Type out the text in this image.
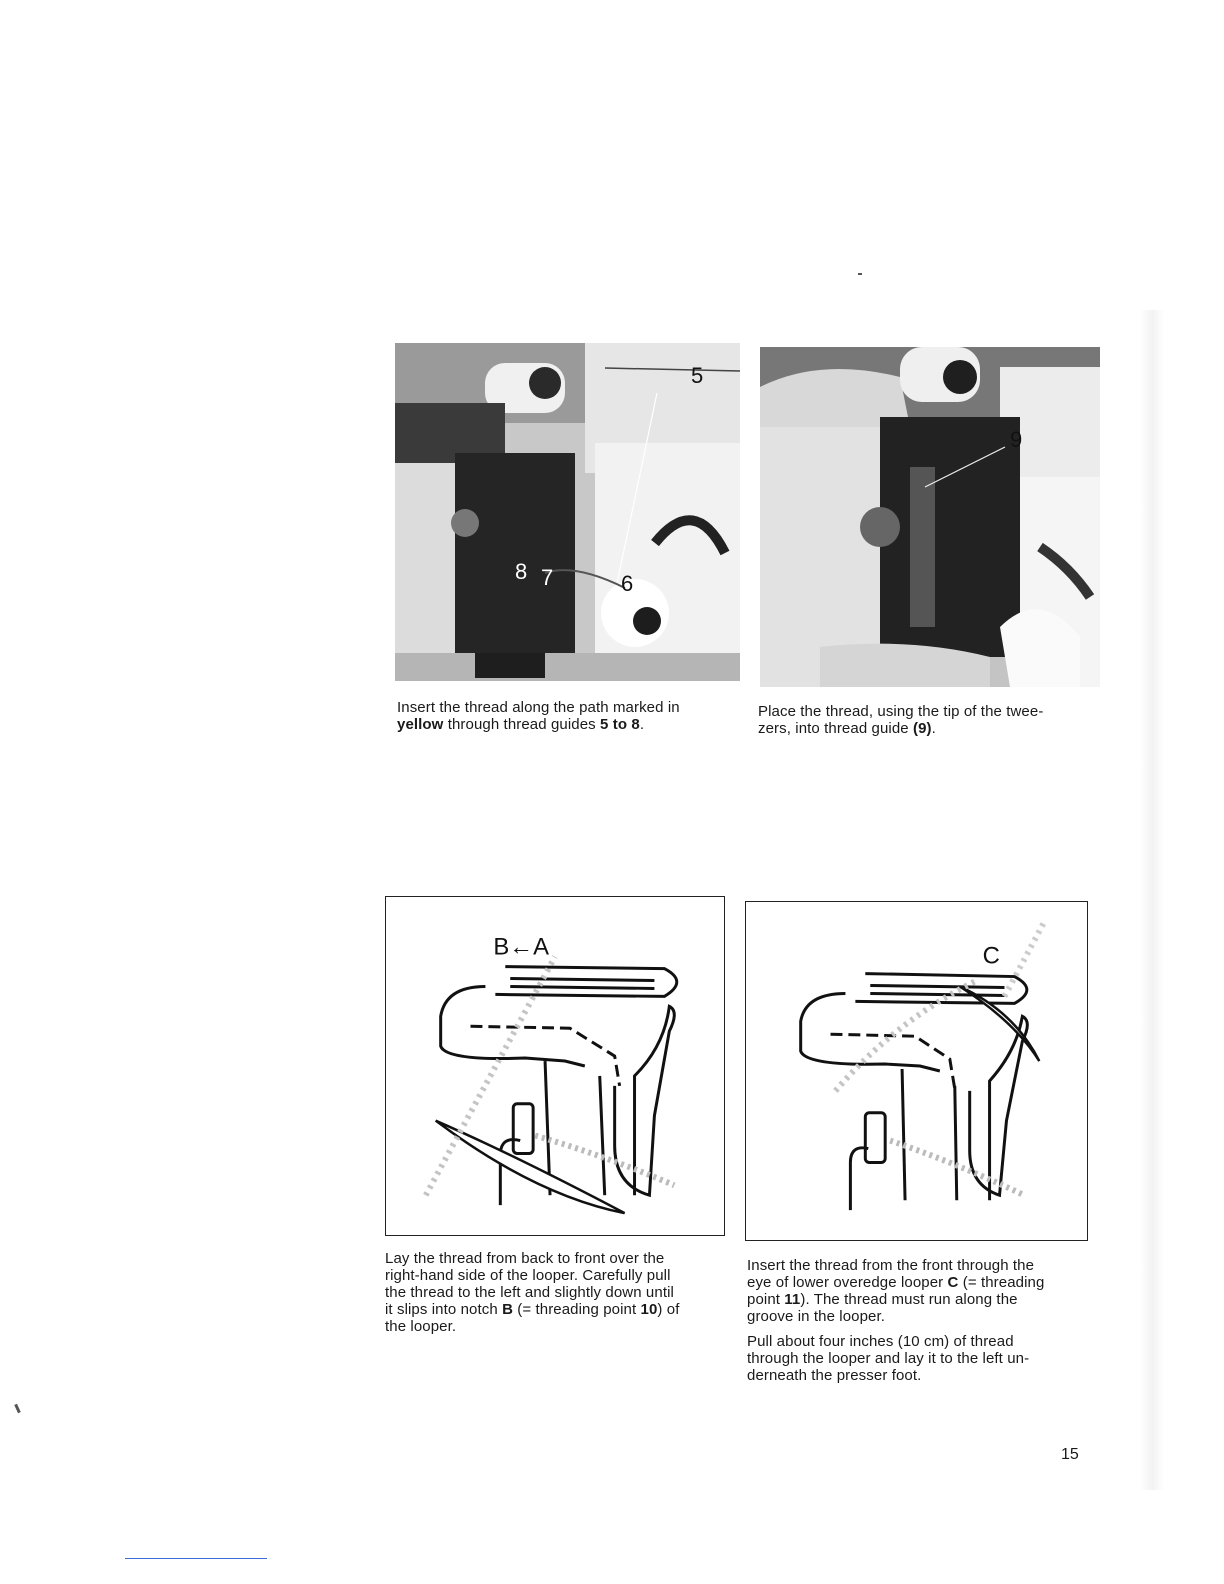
5
8 7	6
9
Insert the thread along the path marked in
yellow through thread guides 5 to 8.
Place the thread, using the tip of the twee-
zers, into thread guide (9).
B←A	C
Lay the thread from back to front over the
right-hand side of the looper. Carefully pull
the thread to the left and slightly down until
it slips into notch B (= threading point 10) of
the looper.

Insert the thread from the front through the
eye of lower overedge looper C (= threading
point 11). The thread must run along the
groove in the looper.

Pull about four inches (10 cm) of thread
through the looper and lay it to the left un-
derneath the presser foot.

15
